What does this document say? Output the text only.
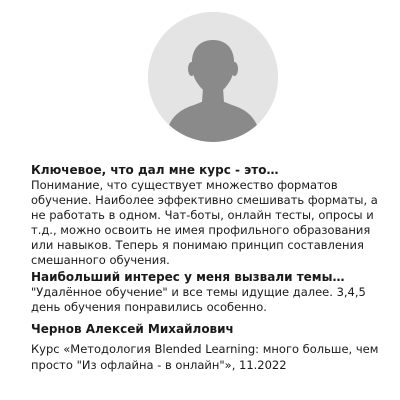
Ключевое, что дал мне курс - это…

Понимание, что существует множество форматов обучение. Наиболее эффективно смешивать форматы, а не работать в одном. Чат-боты, онлайн тесты, опросы и т.д., можно освоить не имея профильного образования или навыков. Теперь я понимаю принцип составления смешанного обучения.

Наибольший интерес у меня вызвали темы…

"Удалённое обучение" и все темы идущие далее. 3,4,5 день обучения понравились особенно.

Чернов Алексей Михайлович

Курс «Методология Blended Learning: много больше, чем просто "Из офлайна - в онлайн"», 11.2022
